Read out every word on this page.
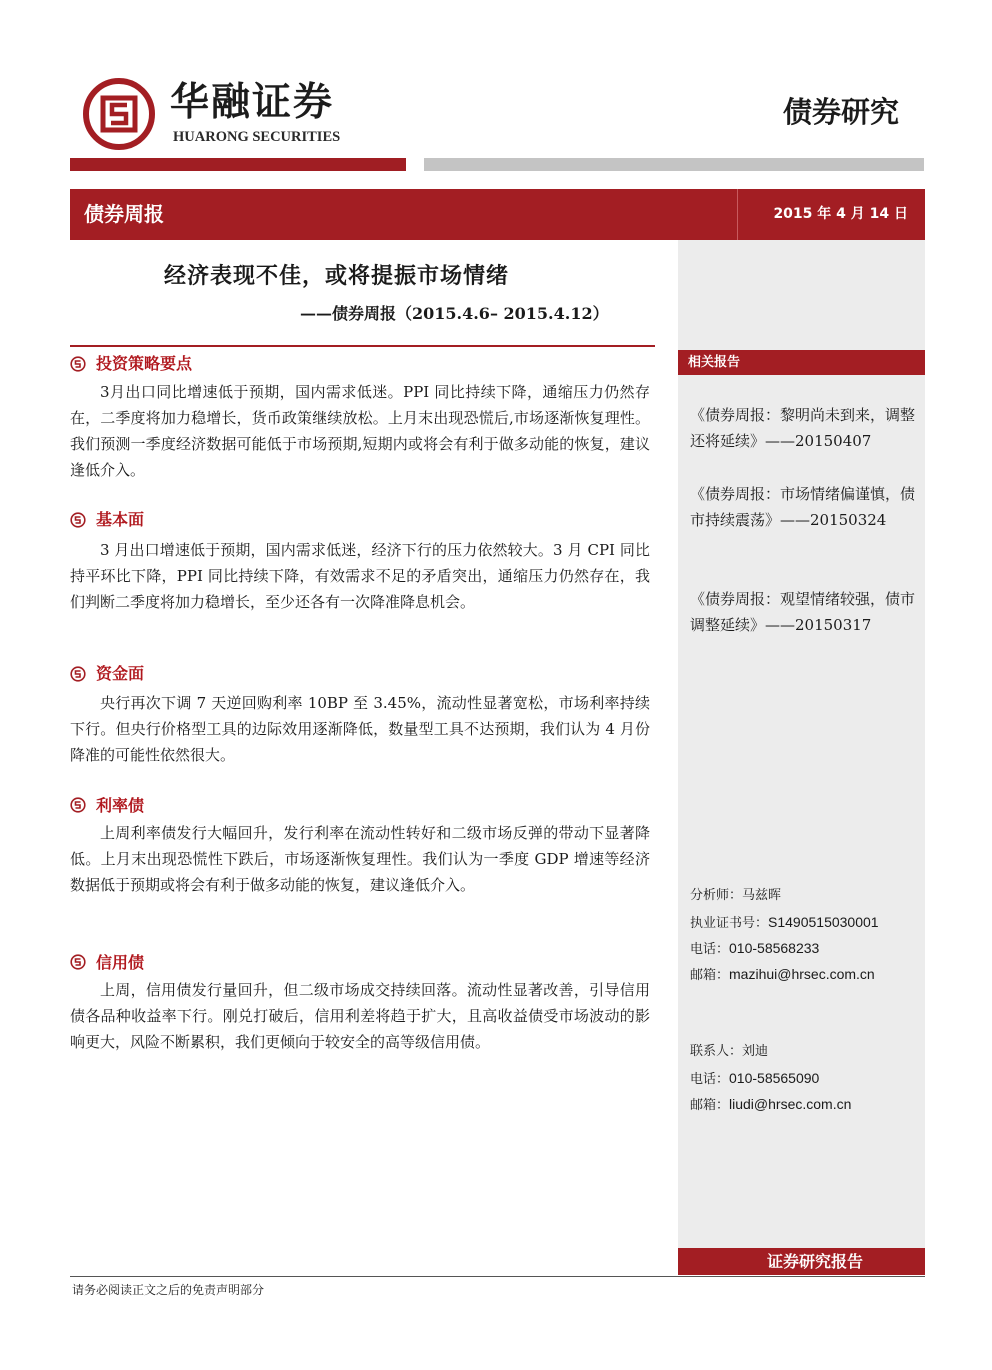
华融证券
HUARONG SECURITIES
债券研究
债券周报	2015 年 4 月 14 日
相关报告
《债券周报：黎明尚未到来，调整还将延续》——20150407
《债券周报：市场情绪偏谨慎，债市持续震荡》——20150324
《债券周报：观望情绪较强，债市调整延续》——20150317
分析师：马兹晖
执业证书号：S1490515030001
电话：010-58568233
邮箱：mazihui@hrsec.com.cn
联系人：刘迪
电话：010-58565090
邮箱：liudi@hrsec.com.cn
证券研究报告
经济表现不佳，或将提振市场情绪
——债券周报（2015.4.6– 2015.4.12）
投资策略要点
3月出口同比增速低于预期，国内需求低迷。PPI 同比持续下降，通缩压力仍然存在，二季度将加力稳增长，货币政策继续放松。上月末出现恐慌后,市场逐渐恢复理性。我们预测一季度经济数据可能低于市场预期,短期内或将会有利于做多动能的恢复，建议逢低介入。
基本面
3 月出口增速低于预期，国内需求低迷，经济下行的压力依然较大。3 月 CPI 同比持平环比下降，PPI 同比持续下降，有效需求不足的矛盾突出，通缩压力仍然存在，我们判断二季度将加力稳增长，至少还各有一次降准降息机会。
资金面
央行再次下调 7 天逆回购利率 10BP 至 3.45%，流动性显著宽松，市场利率持续下行。但央行价格型工具的边际效用逐渐降低，数量型工具不达预期，我们认为 4 月份降准的可能性依然很大。
利率债
上周利率债发行大幅回升，发行利率在流动性转好和二级市场反弹的带动下显著降低。上月末出现恐慌性下跌后，市场逐渐恢复理性。我们认为一季度 GDP 增速等经济数据低于预期或将会有利于做多动能的恢复，建议逢低介入。
信用债
上周，信用债发行量回升，但二级市场成交持续回落。流动性显著改善，引导信用债各品种收益率下行。刚兑打破后，信用利差将趋于扩大，且高收益债受市场波动的影响更大，风险不断累积，我们更倾向于较安全的高等级信用债。
请务必阅读正文之后的免责声明部分
